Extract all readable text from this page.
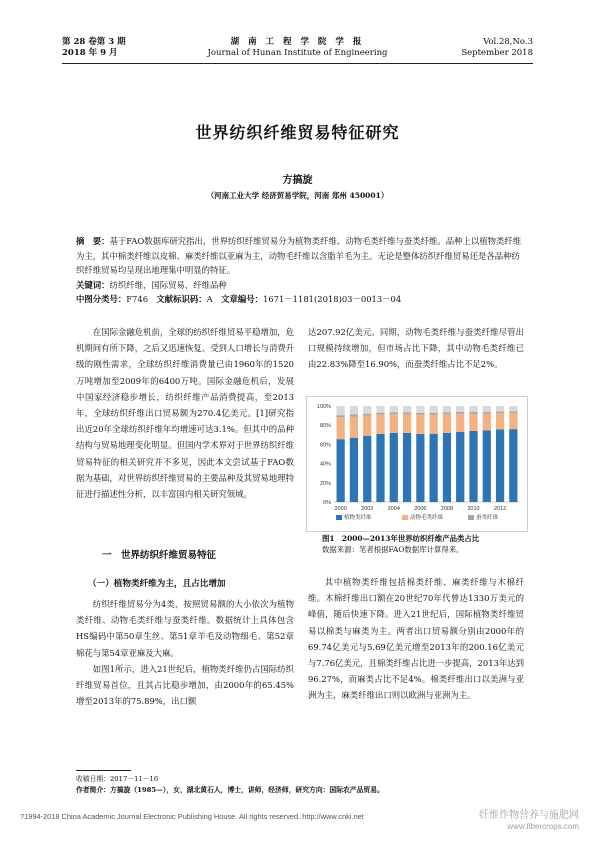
第 28 卷第 3 期
2018 年 9 月
湖 南 工 程 学 院 学 报
Journal of Hunan Institute of Engineering
Vol.28,No.3
September 2018
世界纺织纤维贸易特征研究
方搞旋
（河南工业大学 经济贸易学院，河南 郑州 450001）

摘　要：基于FAO数据库研究指出，世界纺织纤维贸易分为植物类纤维、动物毛类纤维与蚕类纤维。品种上以植物类纤维为主，其中棉类纤维以皮棉、麻类纤维以亚麻为主，动物毛纤维以含脂羊毛为主。无论是整体纺织纤维贸易还是各品种纺织纤维贸易均呈现出地理集中明显的特征。

关键词：纺织纤维，国际贸易，纤维品种

中图分类号：F746  文献标识码：A  文章编号：1671－1181(2018)03－0013－04

在国际金融危机前，全球的纺织纤维贸易平稳增加，危机期间有所下降，之后又迅速恢复。受到人口增长与消费升级的刚性需求，全球纺织纤维消费量已由1960年的1520万吨增加至2009年的6400万吨。国际金融危机后，发展中国家经济稳步增长，纺织纤维产品消费提高，至2013年，全球纺织纤维出口贸易额为270.4亿美元。[1]研究指出近20年全球纺织纤维年均增速可达3.1%。但其中的品种结构与贸易地理变化明显。但国内学术界对于世界纺织纤维贸易特征的相关研究并不多见，因此本文尝试基于FAO数据为基础，对世界纺织纤维贸易的主要品种及其贸易地理特征进行描述性分析，以丰富国内相关研究领域。

一　世界纺织纤维贸易特征
（一）植物类纤维为主，且占比增加

纺织纤维贸易分为4类，按照贸易额的大小依次为植物类纤维、动物毛类纤维与蚕类纤维。数据统计上具体包含HS编码中第50章生丝、第51章羊毛及动物细毛、第52章棉花与第54章亚麻及大麻。

如图1所示，进入21世纪后，植物类纤维仍占国际纺织纤维贸易首位，且其占比稳步增加，由2000年的65.45%增至2013年的75.89%，出口额

达207.92亿美元。同期，动物毛类纤维与蚕类纤维尽管出口规模持续增加，但市场占比下降，其中动物毛类纤维已由22.83%降至16.90%，而蚕类纤维占比不足2%。

0%
20%
40%
60%
80%
100%
2000	2002	2004	2006	2008	2010	2012
植物类纤维	动物毛类纤维	蚕类纤维
图1　2000—2013年世界纺织纤维产品类占比
数据来源：笔者根据FAO数据库计算得来。

其中植物类纤维包括棉类纤维、麻类纤维与木棉纤维。木棉纤维出口额在20世纪70年代曾达1330万美元的峰值，随后快速下降。进入21世纪后，国际植物类纤维贸易以棉类与麻类为主。两者出口贸易额分别由2000年的69.74亿美元与5.69亿美元增至2013年的200.16亿美元与7.76亿美元，且棉类纤维占比进一步提高，2013年达到96.27%，而麻类占比不足4%。棉类纤维出口以美洲与亚洲为主，麻类纤维出口则以欧洲与亚洲为主。

收稿日期：2017－11－16
作者简介：方搞旋（1985—），女，湖北黄石人，博士，讲师，经济师，研究方向：国际农产品贸易。
?1994-2018 China Academic Journal Electronic Publishing House. All rights reserved. http://www.cnki.net	纤维作物营养与施肥网
www.fibercrops.com
